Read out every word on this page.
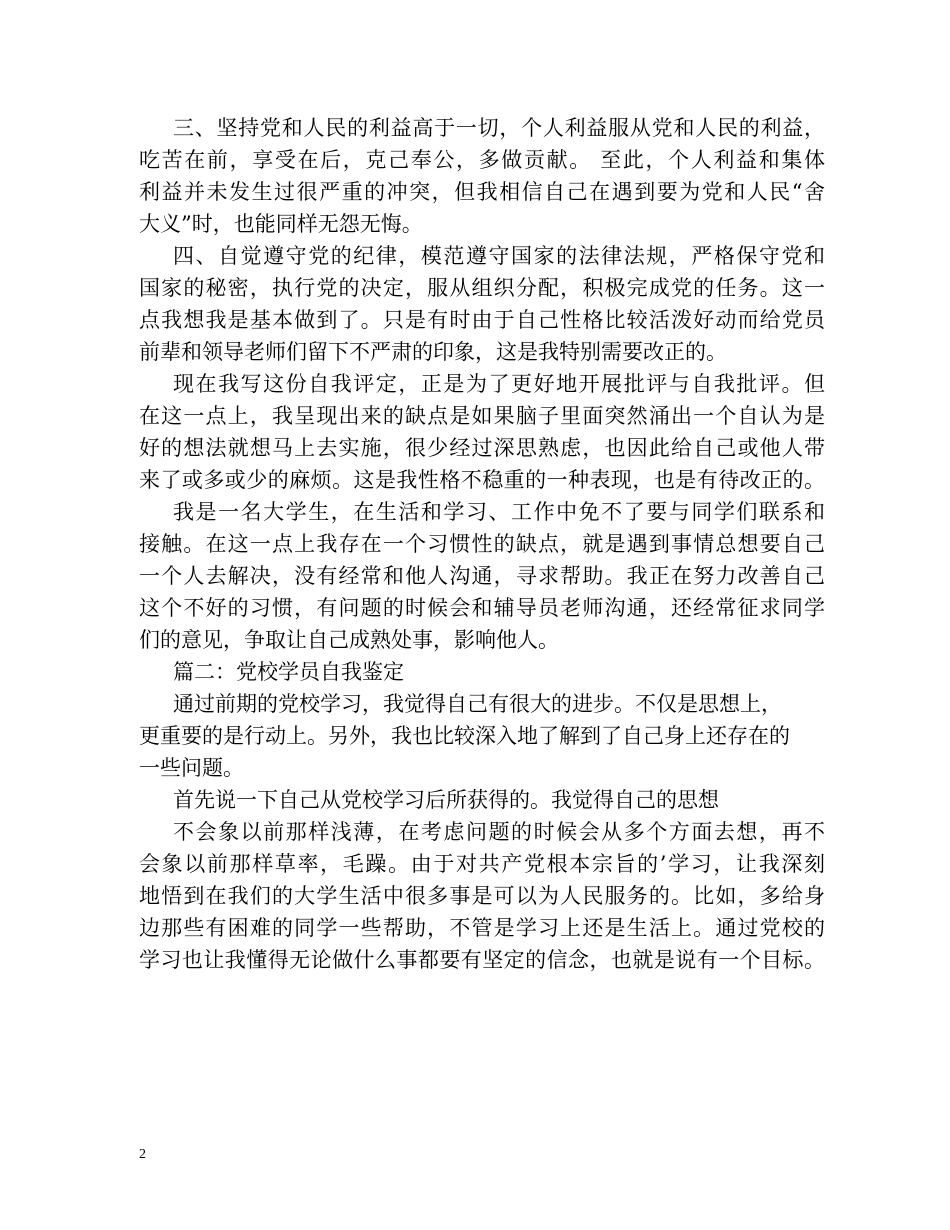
三、坚持党和人民的利益高于一切，个人利益服从党和人民的利益，
吃苦在前，享受在后，克己奉公，多做贡献。 至此，个人利益和集体
利益并未发生过很严重的冲突，但我相信自己在遇到要为党和人民“舍
大义”时，也能同样无怨无悔。
四、自觉遵守党的纪律，模范遵守国家的法律法规，严格保守党和
国家的秘密，执行党的决定，服从组织分配，积极完成党的任务。这一
点我想我是基本做到了。只是有时由于自己性格比较活泼好动而给党员
前辈和领导老师们留下不严肃的印象，这是我特别需要改正的。
现在我写这份自我评定，正是为了更好地开展批评与自我批评。但
在这一点上，我呈现出来的缺点是如果脑子里面突然涌出一个自认为是
好的想法就想马上去实施，很少经过深思熟虑，也因此给自己或他人带
来了或多或少的麻烦。这是我性格不稳重的一种表现，也是有待改正的。
我是一名大学生，在生活和学习、工作中免不了要与同学们联系和
接触。在这一点上我存在一个习惯性的缺点，就是遇到事情总想要自己
一个人去解决，没有经常和他人沟通，寻求帮助。我正在努力改善自己
这个不好的习惯，有问题的时候会和辅导员老师沟通，还经常征求同学
们的意见，争取让自己成熟处事，影响他人。
篇二：党校学员自我鉴定
通过前期的党校学习，我觉得自己有很大的进步。不仅是思想上，
更重要的是行动上。另外，我也比较深入地了解到了自己身上还存在的
一些问题。
首先说一下自己从党校学习后所获得的。我觉得自己的思想
不会象以前那样浅薄，在考虑问题的时候会从多个方面去想，再不
会象以前那样草率，毛躁。由于对共产党根本宗旨的’学习，让我深刻
地悟到在我们的大学生活中很多事是可以为人民服务的。比如，多给身
边那些有困难的同学一些帮助，不管是学习上还是生活上。通过党校的
学习也让我懂得无论做什么事都要有坚定的信念，也就是说有一个目标。
2
